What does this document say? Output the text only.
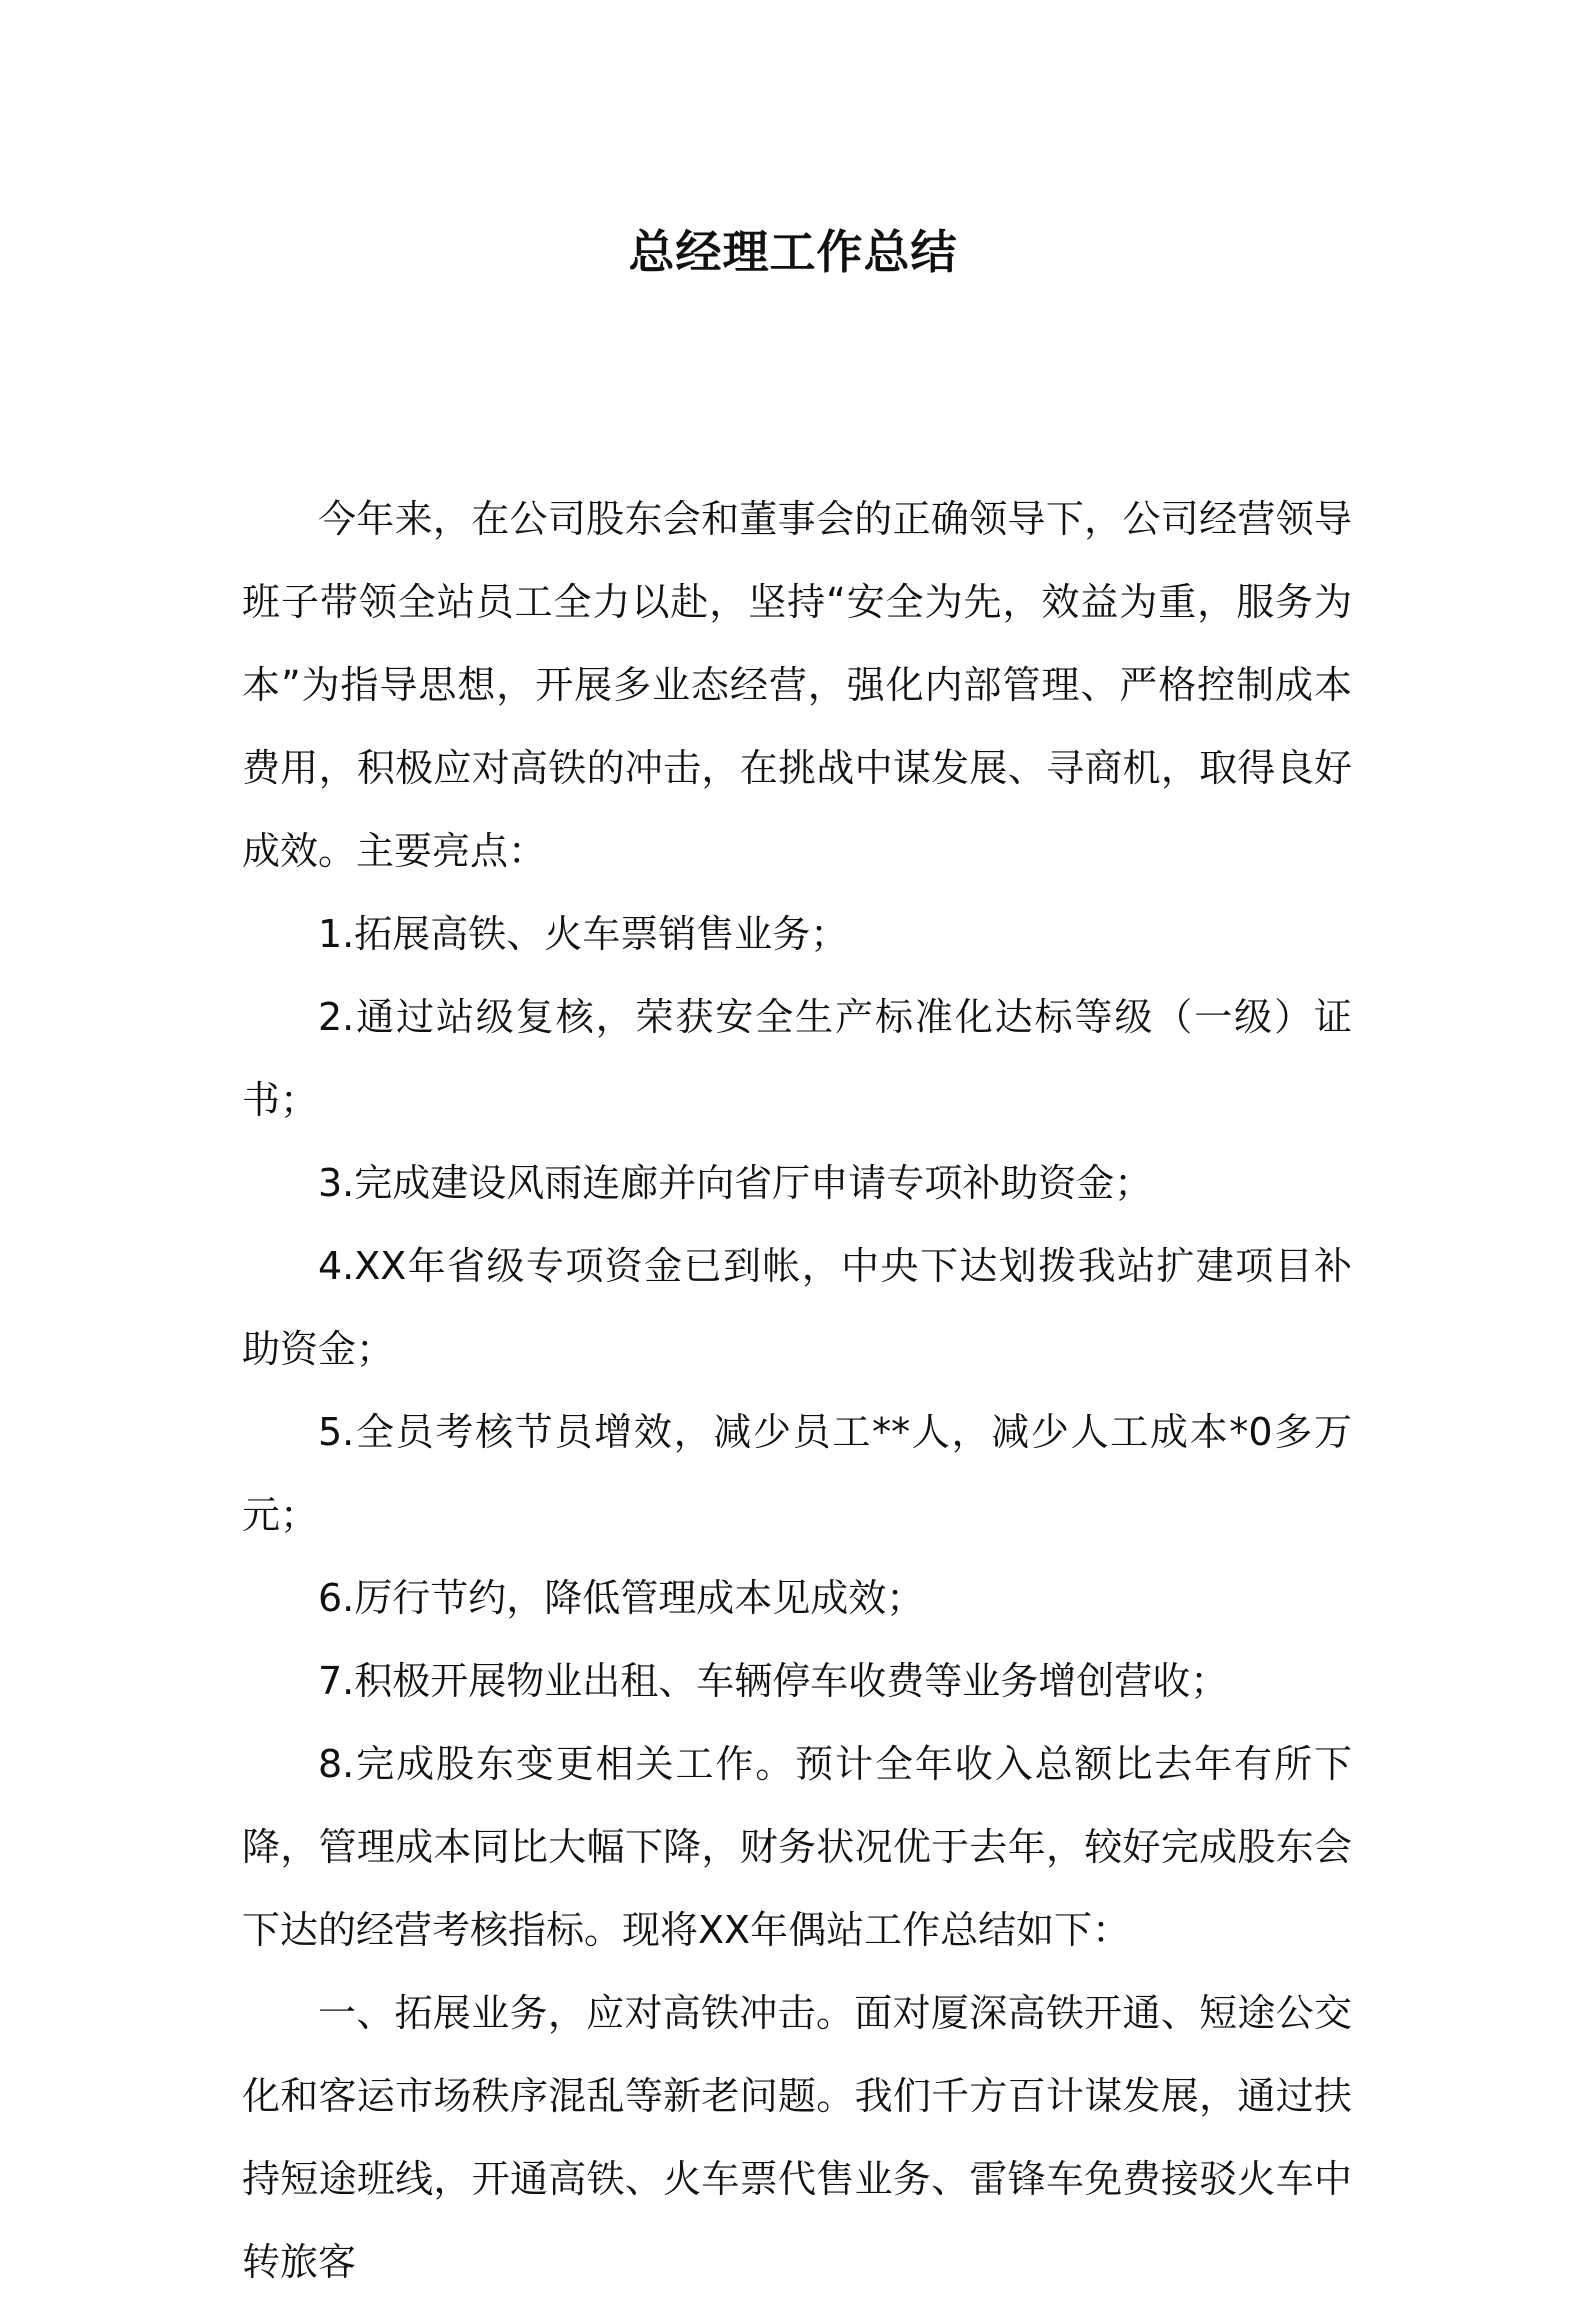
总经理工作总结

今年来，在公司股东会和董事会的正确领导下，公司经营领导班子带领全站员工全力以赴，坚持“安全为先，效益为重，服务为本”为指导思想，开展多业态经营，强化内部管理、严格控制成本费用，积极应对高铁的冲击，在挑战中谋发展、寻商机，取得良好成效。主要亮点：

1.拓展高铁、火车票销售业务；

2.通过站级复核，荣获安全生产标准化达标等级（一级）证书；

3.完成建设风雨连廊并向省厅申请专项补助资金；

4.XX年省级专项资金已到帐，中央下达划拨我站扩建项目补助资金；

5.全员考核节员增效，减少员工**人，减少人工成本*0多万元；

6.厉行节约，降低管理成本见成效；

7.积极开展物业出租、车辆停车收费等业务增创营收；

8.完成股东变更相关工作。预计全年收入总额比去年有所下降，管理成本同比大幅下降，财务状况优于去年，较好完成股东会下达的经营考核指标。现将XX年偶站工作总结如下：

一、拓展业务，应对高铁冲击。面对厦深高铁开通、短途公交化和客运市场秩序混乱等新老问题。我们千方百计谋发展，通过扶持短途班线，开通高铁、火车票代售业务、雷锋车免费接驳火车中转旅客
